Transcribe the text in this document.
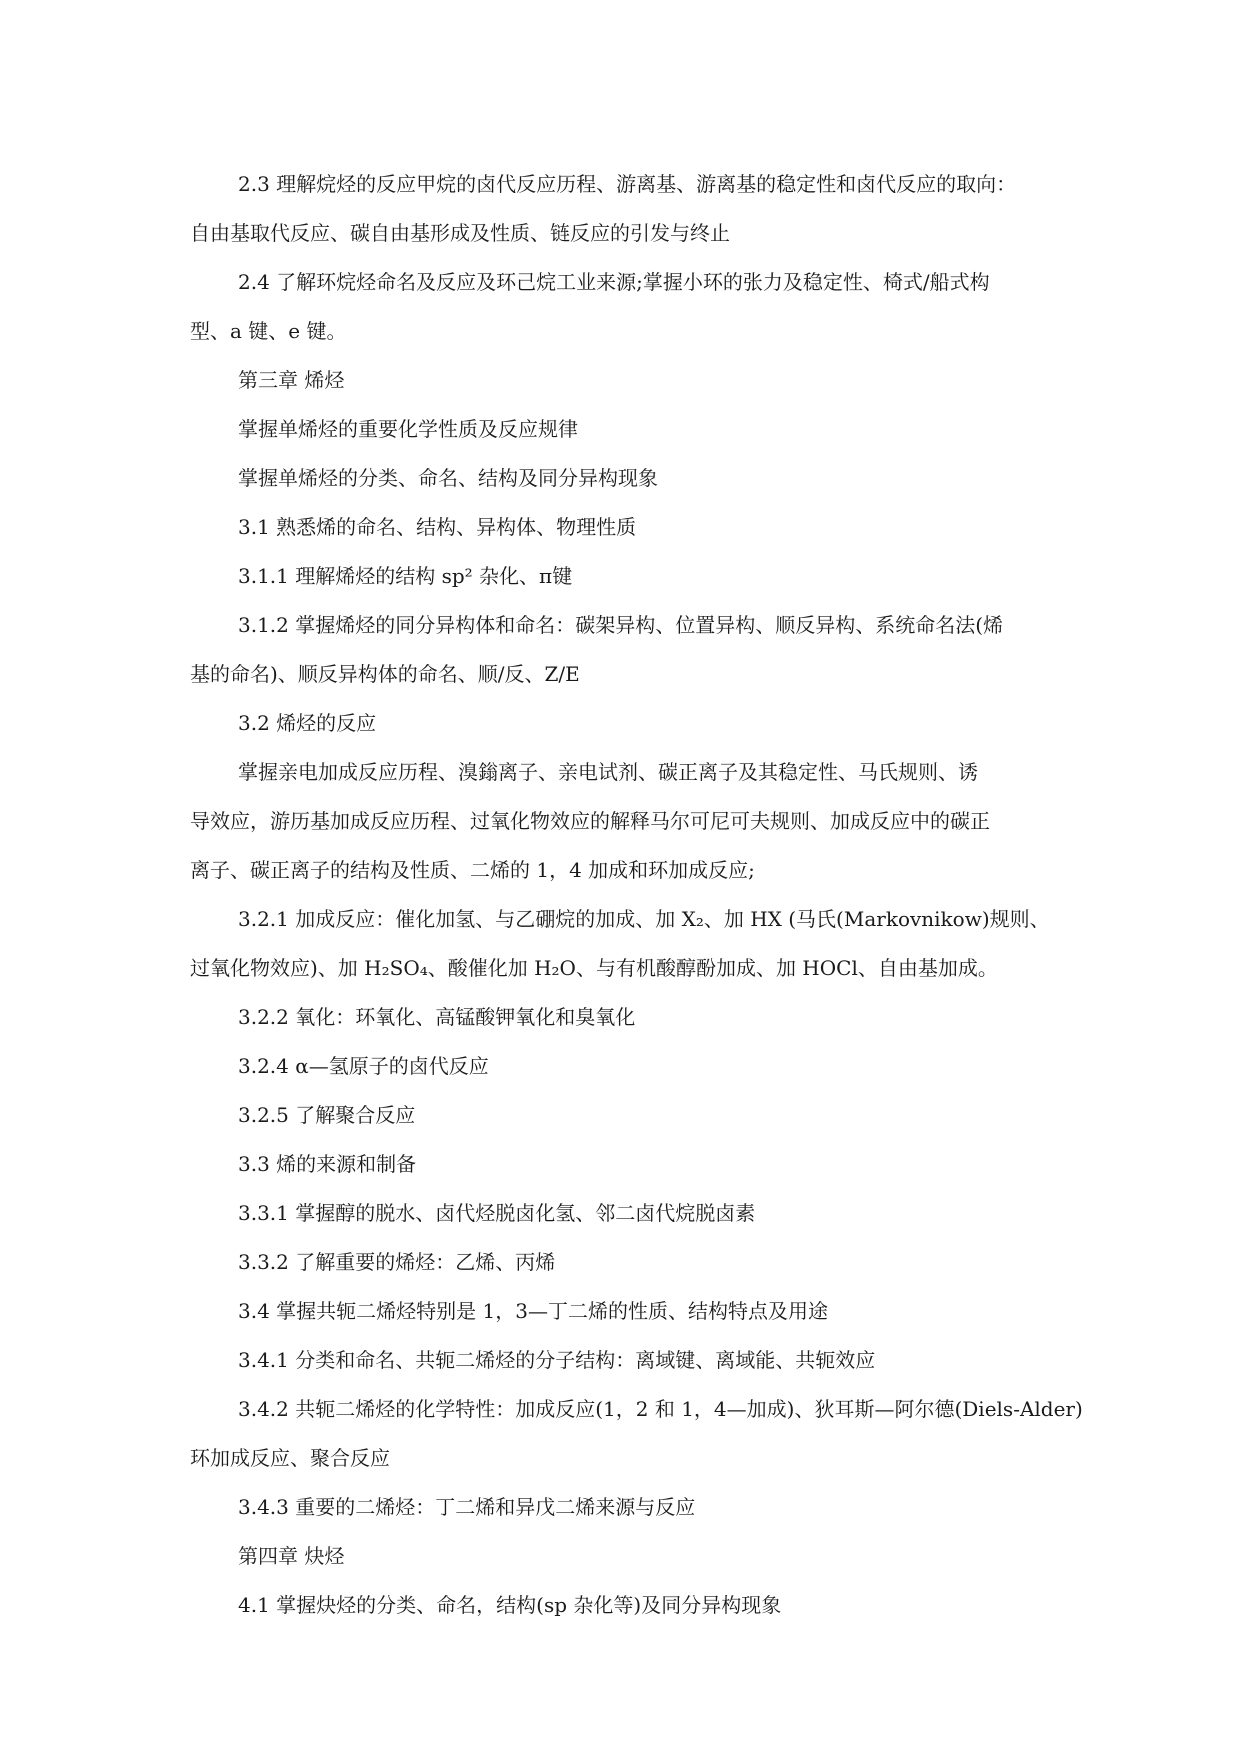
2.3 理解烷烃的反应甲烷的卤代反应历程、游离基、游离基的稳定性和卤代反应的取向：

自由基取代反应、碳自由基形成及性质、链反应的引发与终止

2.4 了解环烷烃命名及反应及环己烷工业来源;掌握小环的张力及稳定性、椅式/船式构

型、a 键、e 键。

第三章 烯烃

掌握单烯烃的重要化学性质及反应规律

掌握单烯烃的分类、命名、结构及同分异构现象

3.1 熟悉烯的命名、结构、异构体、物理性质

3.1.1 理解烯烃的结构 sp² 杂化、π键

3.1.2 掌握烯烃的同分异构体和命名：碳架异构、位置异构、顺反异构、系统命名法(烯

基的命名)、顺反异构体的命名、顺/反、Z/E

3.2 烯烃的反应

掌握亲电加成反应历程、溴鎓离子、亲电试剂、碳正离子及其稳定性、马氏规则、诱

导效应，游历基加成反应历程、过氧化物效应的解释马尔可尼可夫规则、加成反应中的碳正

离子、碳正离子的结构及性质、二烯的 1，4 加成和环加成反应;

3.2.1 加成反应：催化加氢、与乙硼烷的加成、加 X₂、加 HX (马氏(Markovnikow)规则、

过氧化物效应)、加 H₂SO₄、酸催化加 H₂O、与有机酸醇酚加成、加 HOCl、自由基加成。

3.2.2 氧化：环氧化、高锰酸钾氧化和臭氧化

3.2.4 α—氢原子的卤代反应

3.2.5 了解聚合反应

3.3 烯的来源和制备

3.3.1 掌握醇的脱水、卤代烃脱卤化氢、邻二卤代烷脱卤素

3.3.2 了解重要的烯烃：乙烯、丙烯

3.4 掌握共轭二烯烃特别是 1，3—丁二烯的性质、结构特点及用途

3.4.1 分类和命名、共轭二烯烃的分子结构：离域键、离域能、共轭效应

3.4.2 共轭二烯烃的化学特性：加成反应(1，2 和 1，4—加成)、狄耳斯—阿尔德(Diels-Alder)

环加成反应、聚合反应

3.4.3 重要的二烯烃：丁二烯和异戊二烯来源与反应

第四章 炔烃

4.1 掌握炔烃的分类、命名，结构(sp 杂化等)及同分异构现象
